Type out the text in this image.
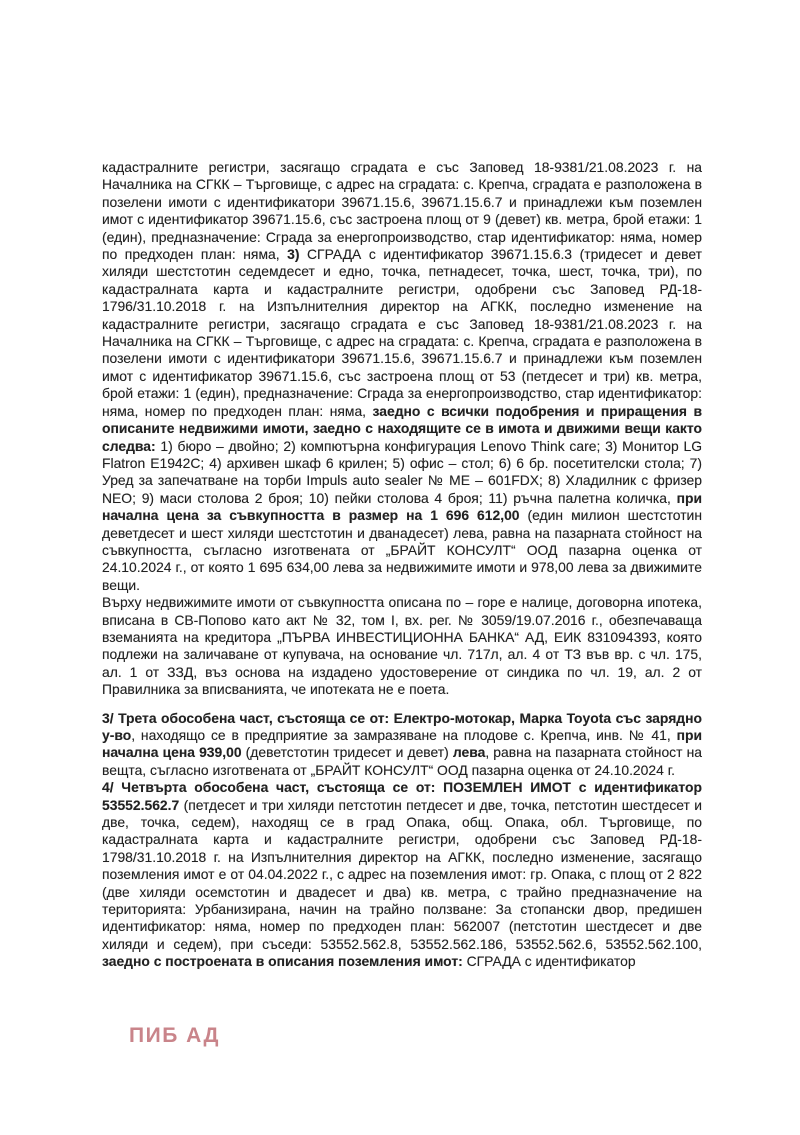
кадастралните регистри, засягащо сградата е със Заповед 18-9381/21.08.2023 г. на Началника на СГКК – Търговище, с адрес на сградата: с. Крепча, сградата е разположена в позелени имоти с идентификатори 39671.15.6, 39671.15.6.7 и принадлежи към поземлен имот с идентификатор 39671.15.6, със застроена площ от 9 (девет) кв. метра, брой етажи: 1 (един), предназначение: Сграда за енергопроизводство, стар идентификатор: няма, номер по предходен план: няма, 3) СГРАДА с идентификатор 39671.15.6.3 (тридесет и девет хиляди шестстотин седемдесет и едно, точка, петнадесет, точка, шест, точка, три), по кадастралната карта и кадастралните регистри, одобрени със Заповед РД-18-1796/31.10.2018 г. на Изпълнителния директор на АГКК, последно изменение на кадастралните регистри, засягащо сградата е със Заповед 18-9381/21.08.2023 г. на Началника на СГКК – Търговище, с адрес на сградата: с. Крепча, сградата е разположена в позелени имоти с идентификатори 39671.15.6, 39671.15.6.7 и принадлежи към поземлен имот с идентификатор 39671.15.6, със застроена площ от 53 (петдесет и три) кв. метра, брой етажи: 1 (един), предназначение: Сграда за енергопроизводство, стар идентификатор: няма, номер по предходен план: няма, заедно с всички подобрения и приращения в описаните недвижими имоти, заедно с находящите се в имота и движими вещи както следва: 1) бюро – двойно; 2) компютърна конфигурация Lenovo Think care; 3) Монитор LG Flatron E1942C; 4) архивен шкаф 6 крилен; 5) офис – стол; 6) 6 бр. посетителски стола; 7) Уред за запечатване на торби Impuls auto sealer № МЕ – 601FDX; 8) Хладилник с фризер NEO; 9) маси столова 2 броя; 10) пейки столова 4 броя; 11) ръчна палетна количка, при начална цена за съвкупността в размер на 1 696 612,00 (един милион шестстотин деветдесет и шест хиляди шестстотин и дванадесет) лева, равна на пазарната стойност на съвкупността, съгласно изготвената от „БРАЙТ КОНСУЛТ“ ООД пазарна оценка от 24.10.2024 г., от която 1 695 634,00 лева за недвижимите имоти и 978,00 лева за движимите вещи.

Върху недвижимите имоти от съвкупността описана по – горе е налице, договорна ипотека, вписана в СВ-Попово като акт № 32, том I, вх. рег. № 3059/19.07.2016 г., обезпечаваща вземанията на кредитора „ПЪРВА ИНВЕСТИЦИОННА БАНКА“ АД, ЕИК 831094393, която подлежи на заличаване от купувача, на основание чл. 717л, ал. 4 от ТЗ във вр. с чл. 175, ал. 1 от ЗЗД, въз основа на издадено удостоверение от синдика по чл. 19, ал. 2 от Правилника за вписванията, че ипотеката не е поета.

3/ Трета обособена част, състояща се от: Електро-мотокар, Марка Toyota със зарядно у-во, находящо се в предприятие за замразяване на плодове с. Крепча, инв. № 41, при начална цена 939,00 (деветстотин тридесет и девет) лева, равна на пазарната стойност на вещта, съгласно изготвената от „БРАЙТ КОНСУЛТ“ ООД пазарна оценка от 24.10.2024 г.

4/ Четвърта обособена част, състояща се от: ПОЗЕМЛЕН ИМОТ с идентификатор 53552.562.7 (петдесет и три хиляди петстотин петдесет и две, точка, петстотин шестдесет и две, точка, седем), находящ се в град Опака, общ. Опака, обл. Търговище, по кадастралната карта и кадастралните регистри, одобрени със Заповед РД-18-1798/31.10.2018 г. на Изпълнителния директор на АГКК, последно изменение, засягащо поземления имот е от 04.04.2022 г., с адрес на поземления имот: гр. Опака, с площ от 2 822 (две хиляди осемстотин и двадесет и два) кв. метра, с трайно предназначение на територията: Урбанизирана, начин на трайно ползване: За стопански двор, предишен идентификатор: няма, номер по предходен план: 562007 (петстотин шестдесет и две хиляди и седем), при съседи: 53552.562.8, 53552.562.186, 53552.562.6, 53552.562.100, заедно с построената в описания поземления имот: СГРАДА с идентификатор

ПИБ АД
